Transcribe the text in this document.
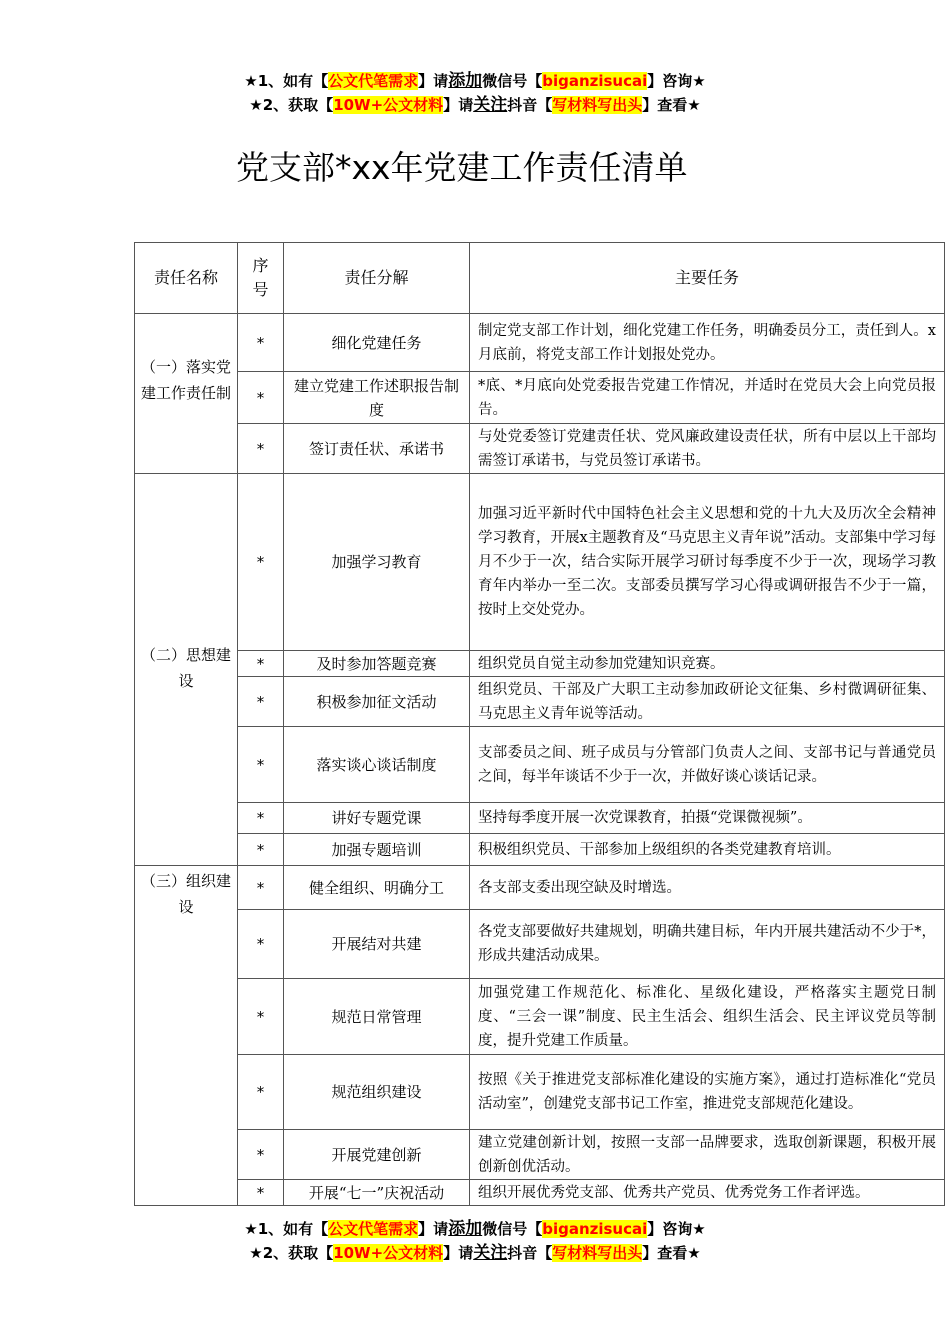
★1、如有【公文代笔需求】请添加微信号【biganzisucai】咨询★
★2、获取【10W+公文材料】请关注抖音【写材料写出头】查看★
党支部*xx年党建工作责任清单
责任名称	序号	责任分解	主要任务
（一）落实党建工作责任制	*	细化党建任务	制定党支部工作计划，细化党建工作任务，明确委员分工，责任到人。x月底前，将党支部工作计划报处党办。
	*	建立党建工作述职报告制度	*底、*月底向处党委报告党建工作情况，并适时在党员大会上向党员报告。
	*	签订责任状、承诺书	与处党委签订党建责任状、党风廉政建设责任状，所有中层以上干部均需签订承诺书，与党员签订承诺书。
（二）思想建设	*	加强学习教育	加强习近平新时代中国特色社会主义思想和党的十九大及历次全会精神学习教育，开展x主题教育及“马克思主义青年说”活动。支部集中学习每月不少于一次，结合实际开展学习研讨每季度不少于一次，现场学习教育年内举办一至二次。支部委员撰写学习心得或调研报告不少于一篇，按时上交处党办。
	*	及时参加答题竞赛	组织党员自觉主动参加党建知识竞赛。
	*	积极参加征文活动	组织党员、干部及广大职工主动参加政研论文征集、乡村微调研征集、马克思主义青年说等活动。
	*	落实谈心谈话制度	支部委员之间、班子成员与分管部门负责人之间、支部书记与普通党员之间，每半年谈话不少于一次，并做好谈心谈话记录。
	*	讲好专题党课	坚持每季度开展一次党课教育，拍摄“党课微视频”。
	*	加强专题培训	积极组织党员、干部参加上级组织的各类党建教育培训。
（三）组织建设	*	健全组织、明确分工	各支部支委出现空缺及时增选。
	*	开展结对共建	各党支部要做好共建规划，明确共建目标，年内开展共建活动不少于*，形成共建活动成果。
	*	规范日常管理	加强党建工作规范化、标准化、星级化建设，严格落实主题党日制度、“三会一课”制度、民主生活会、组织生活会、民主评议党员等制度，提升党建工作质量。
	*	规范组织建设	按照《关于推进党支部标准化建设的实施方案》，通过打造标准化“党员活动室”，创建党支部书记工作室，推进党支部规范化建设。
	*	开展党建创新	建立党建创新计划，按照一支部一品牌要求，选取创新课题，积极开展创新创优活动。
	*	开展“七一”庆祝活动	组织开展优秀党支部、优秀共产党员、优秀党务工作者评选。
★1、如有【公文代笔需求】请添加微信号【biganzisucai】咨询★
★2、获取【10W+公文材料】请关注抖音【写材料写出头】查看★
